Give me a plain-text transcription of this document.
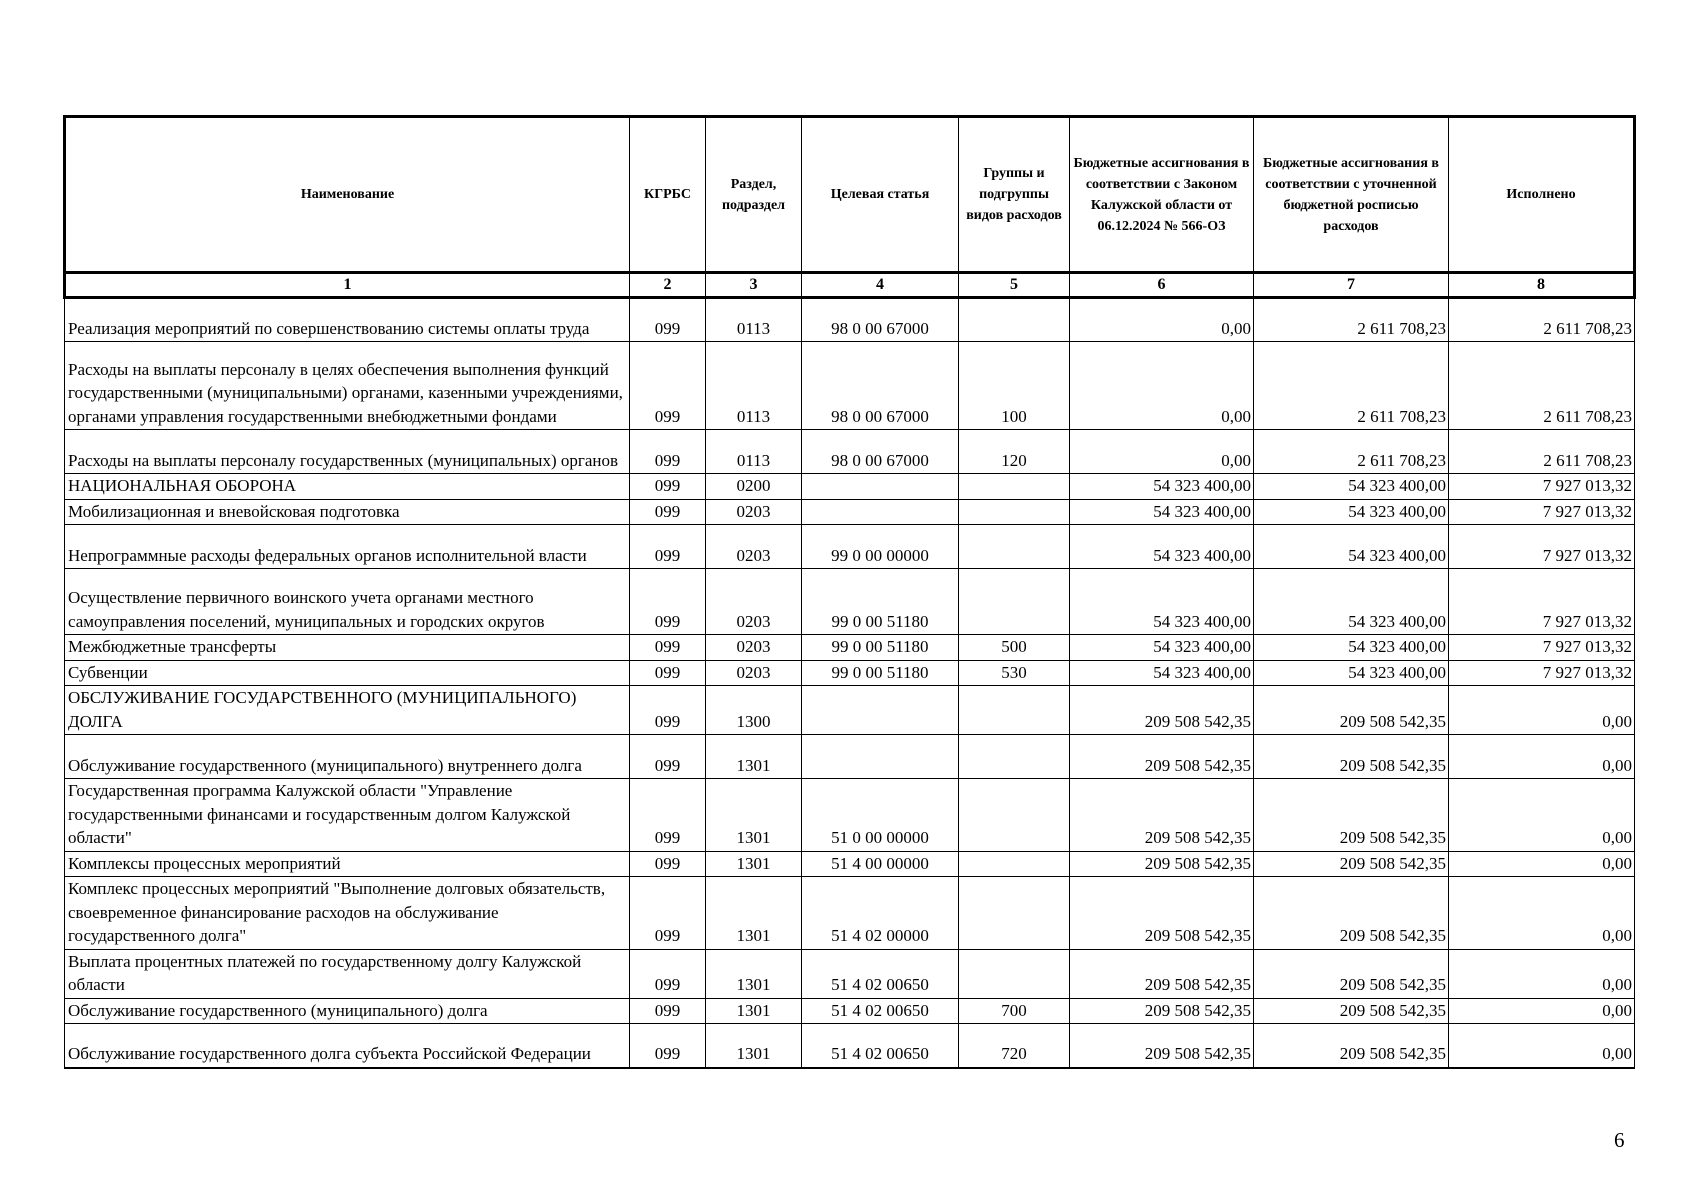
Наименование	КГРБС	Раздел, подраздел	Целевая статья	Группы и подгруппы видов расходов	Бюджетные ассигнования в соответствии с Законом Калужской области от 06.12.2024 № 566-ОЗ	Бюджетные ассигнования в соответствии с уточненной бюджетной росписью расходов	Исполнено
1	2	3	4	5	6	7	8
Реализация мероприятий по совершенствованию системы оплаты труда	099	0113	98 0 00 67000		0,00	2 611 708,23	2 611 708,23
Расходы на выплаты персоналу в целях обеспечения выполнения функций государственными (муниципальными) органами, казенными учреждениями, органами управления государственными внебюджетными фондами	099	0113	98 0 00 67000	100	0,00	2 611 708,23	2 611 708,23
Расходы на выплаты персоналу государственных (муниципальных) органов	099	0113	98 0 00 67000	120	0,00	2 611 708,23	2 611 708,23
НАЦИОНАЛЬНАЯ ОБОРОНА	099	0200			54 323 400,00	54 323 400,00	7 927 013,32
Мобилизационная и вневойсковая подготовка	099	0203			54 323 400,00	54 323 400,00	7 927 013,32
Непрограммные расходы федеральных органов исполнительной власти	099	0203	99 0 00 00000		54 323 400,00	54 323 400,00	7 927 013,32
Осуществление первичного воинского учета органами местного самоуправления поселений, муниципальных и городских округов	099	0203	99 0 00 51180		54 323 400,00	54 323 400,00	7 927 013,32
Межбюджетные трансферты	099	0203	99 0 00 51180	500	54 323 400,00	54 323 400,00	7 927 013,32
Субвенции	099	0203	99 0 00 51180	530	54 323 400,00	54 323 400,00	7 927 013,32
ОБСЛУЖИВАНИЕ ГОСУДАРСТВЕННОГО (МУНИЦИПАЛЬНОГО) ДОЛГА	099	1300			209 508 542,35	209 508 542,35	0,00
Обслуживание государственного (муниципального) внутреннего долга	099	1301			209 508 542,35	209 508 542,35	0,00
Государственная программа Калужской области "Управление государственными финансами и государственным долгом Калужской области"	099	1301	51 0 00 00000		209 508 542,35	209 508 542,35	0,00
Комплексы процессных мероприятий	099	1301	51 4 00 00000		209 508 542,35	209 508 542,35	0,00
Комплекс процессных мероприятий "Выполнение долговых обязательств, своевременное финансирование расходов на обслуживание государственного долга"	099	1301	51 4 02 00000		209 508 542,35	209 508 542,35	0,00
Выплата процентных платежей по государственному долгу Калужской области	099	1301	51 4 02 00650		209 508 542,35	209 508 542,35	0,00
Обслуживание государственного (муниципального) долга	099	1301	51 4 02 00650	700	209 508 542,35	209 508 542,35	0,00
Обслуживание государственного долга субъекта Российской Федерации	099	1301	51 4 02 00650	720	209 508 542,35	209 508 542,35	0,00
6
